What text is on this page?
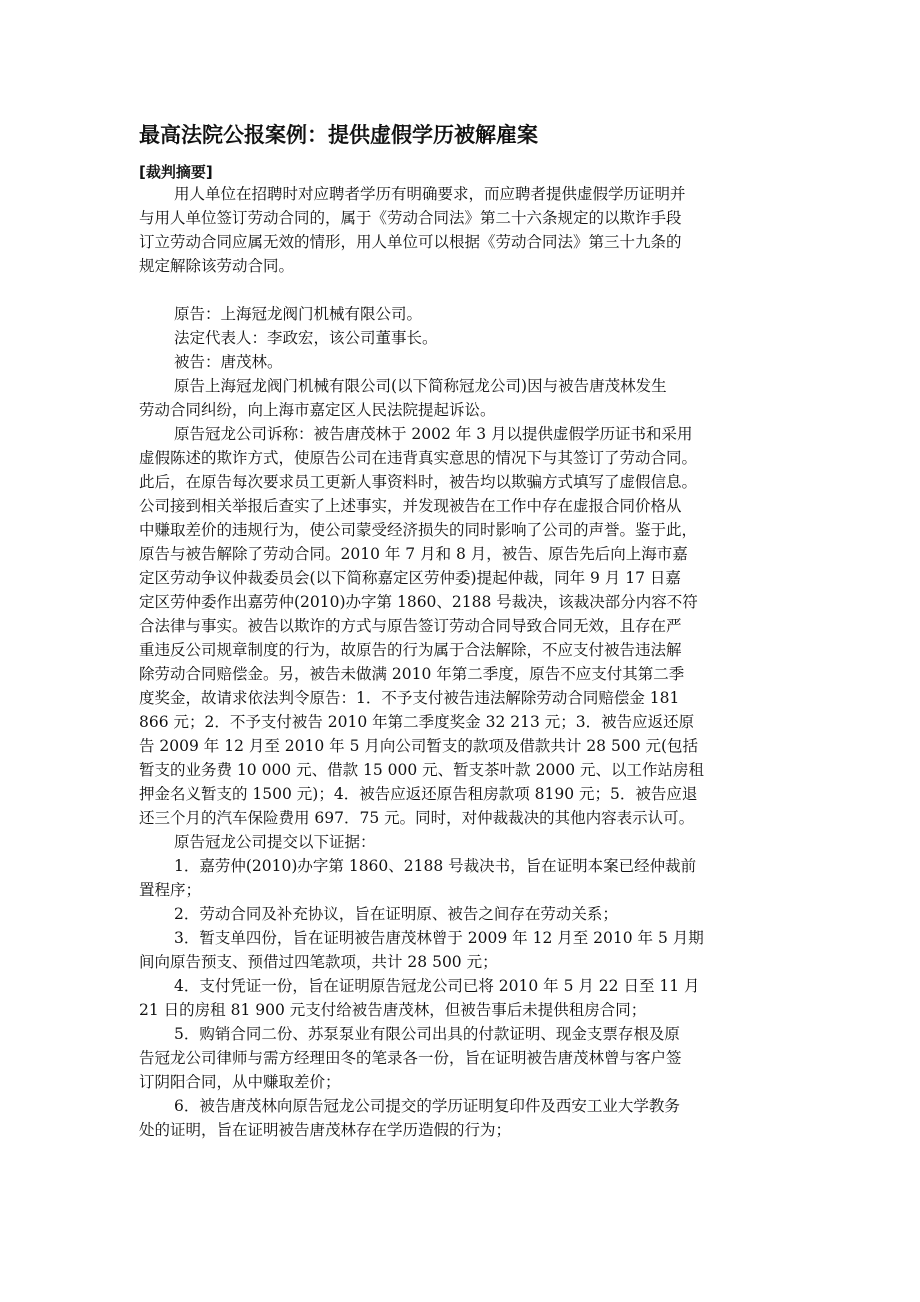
最高法院公报案例：提供虚假学历被解雇案
[裁判摘要]
用人单位在招聘时对应聘者学历有明确要求，而应聘者提供虚假学历证明并
与用人单位签订劳动合同的，属于《劳动合同法》第二十六条规定的以欺诈手段
订立劳动合同应属无效的情形，用人单位可以根据《劳动合同法》第三十九条的
规定解除该劳动合同。
原告：上海冠龙阀门机械有限公司。
法定代表人：李政宏，该公司董事长。
被告：唐茂林。
原告上海冠龙阀门机械有限公司(以下简称冠龙公司)因与被告唐茂林发生
劳动合同纠纷，向上海市嘉定区人民法院提起诉讼。
原告冠龙公司诉称：被告唐茂林于 2002 年 3 月以提供虚假学历证书和采用
虚假陈述的欺诈方式，使原告公司在违背真实意思的情况下与其签订了劳动合同。
此后，在原告每次要求员工更新人事资料时，被告均以欺骗方式填写了虚假信息。
公司接到相关举报后查实了上述事实，并发现被告在工作中存在虚报合同价格从
中赚取差价的违规行为，使公司蒙受经济损失的同时影响了公司的声誉。鉴于此，
原告与被告解除了劳动合同。2010 年 7 月和 8 月，被告、原告先后向上海市嘉
定区劳动争议仲裁委员会(以下简称嘉定区劳仲委)提起仲裁，同年 9 月 17 日嘉
定区劳仲委作出嘉劳仲(2010)办字第 1860、2188 号裁决，该裁决部分内容不符
合法律与事实。被告以欺诈的方式与原告签订劳动合同导致合同无效，且存在严
重违反公司规章制度的行为，故原告的行为属于合法解除，不应支付被告违法解
除劳动合同赔偿金。另，被告未做满 2010 年第二季度，原告不应支付其第二季
度奖金，故请求依法判令原告：1．不予支付被告违法解除劳动合同赔偿金 181
866 元；2．不予支付被告 2010 年第二季度奖金 32 213 元；3．被告应返还原
告 2009 年 12 月至 2010 年 5 月向公司暂支的款项及借款共计 28 500 元(包括
暂支的业务费 10 000 元、借款 15 000 元、暂支茶叶款 2000 元、以工作站房租
押金名义暂支的 1500 元)；4．被告应返还原告租房款项 8190 元；5．被告应退
还三个月的汽车保险费用 697．75 元。同时，对仲裁裁决的其他内容表示认可。
原告冠龙公司提交以下证据：
1．嘉劳仲(2010)办字第 1860、2188 号裁决书，旨在证明本案已经仲裁前
置程序；
2．劳动合同及补充协议，旨在证明原、被告之间存在劳动关系；
3．暂支单四份，旨在证明被告唐茂林曾于 2009 年 12 月至 2010 年 5 月期
间向原告预支、预借过四笔款项，共计 28 500 元；
4．支付凭证一份，旨在证明原告冠龙公司已将 2010 年 5 月 22 日至 11 月
21 日的房租 81 900 元支付给被告唐茂林，但被告事后未提供租房合同；
5．购销合同二份、苏泵泵业有限公司出具的付款证明、现金支票存根及原
告冠龙公司律师与需方经理田冬的笔录各一份，旨在证明被告唐茂林曾与客户签
订阴阳合同，从中赚取差价；
6．被告唐茂林向原告冠龙公司提交的学历证明复印件及西安工业大学教务
处的证明，旨在证明被告唐茂林存在学历造假的行为；
